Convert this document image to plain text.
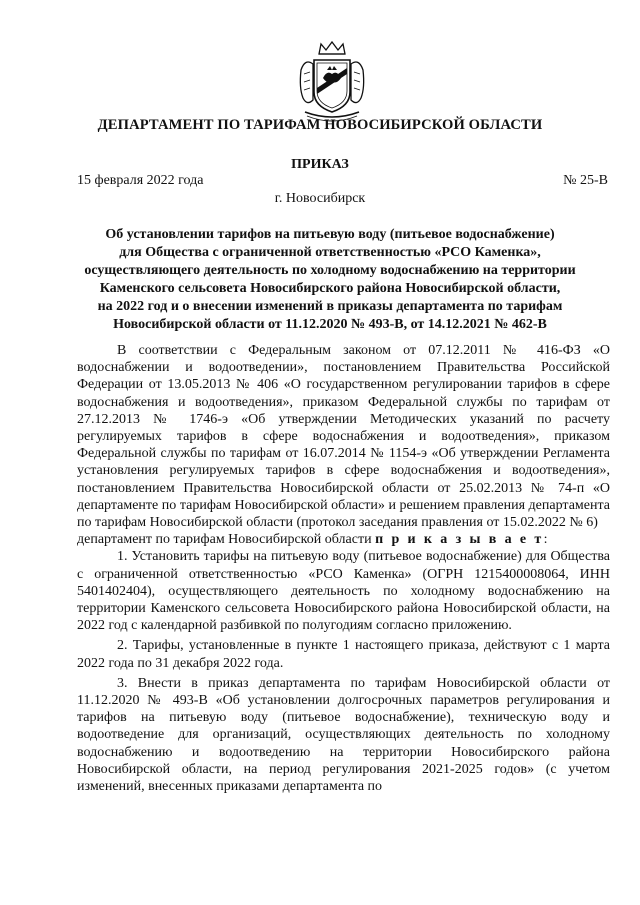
ДЕПАРТАМЕНТ ПО ТАРИФАМ НОВОСИБИРСКОЙ ОБЛАСТИ
ПРИКАЗ
15 февраля 2022 года	№ 25-В
г. Новосибирск
Об установлении тарифов на питьевую воду (питьевое водоснабжение)
для Общества с ограниченной ответственностью «РСО Каменка»,
осуществляющего деятельность по холодному водоснабжению на территории
Каменского сельсовета Новосибирского района Новосибирской области,
на 2022 год и о внесении изменений в приказы департамента по тарифам
Новосибирской области от 11.12.2020 № 493-В, от 14.12.2021 № 462-В

В соответствии с Федеральным законом от 07.12.2011 № 416-ФЗ «О водоснабжении и водоотведении», постановлением Правительства Российской Федерации от 13.05.2013 № 406 «О государственном регулировании тарифов в сфере водоснабжения и водоотведения», приказом Федеральной службы по тарифам от 27.12.2013 № 1746-э «Об утверждении Методических указаний по расчету регулируемых тарифов в сфере водоснабжения и водоотведения», приказом Федеральной службы по тарифам от 16.07.2014 № 1154-э «Об утверждении Регламента установления регулируемых тарифов в сфере водоснабжения и водоотведения», постановлением Правительства Новосибирской области от 25.02.2013 № 74-п «О департаменте по тарифам Новосибирской области» и решением правления департамента по тарифам Новосибирской области (протокол заседания правления от 15.02.2022 № 6)

департамент по тарифам Новосибирской области п р и к а з ы в а е т:

1. Установить тарифы на питьевую воду (питьевое водоснабжение) для Общества с ограниченной ответственностью «РСО Каменка» (ОГРН 1215400008064, ИНН 5401402404), осуществляющего деятельность по холодному водоснабжению на территории Каменского сельсовета Новосибирского района Новосибирской области, на 2022 год с календарной разбивкой по полугодиям согласно приложению.

2. Тарифы, установленные в пункте 1 настоящего приказа, действуют с 1 марта 2022 года по 31 декабря 2022 года.

3. Внести в приказ департамента по тарифам Новосибирской области от 11.12.2020 № 493-В «Об установлении долгосрочных параметров регулирования и тарифов на питьевую воду (питьевое водоснабжение), техническую воду и водоотведение для организаций, осуществляющих деятельность по холодному водоснабжению и водоотведению на территории Новосибирского района Новосибирской области, на период регулирования 2021-2025 годов» (с учетом изменений, внесенных приказами департамента по
